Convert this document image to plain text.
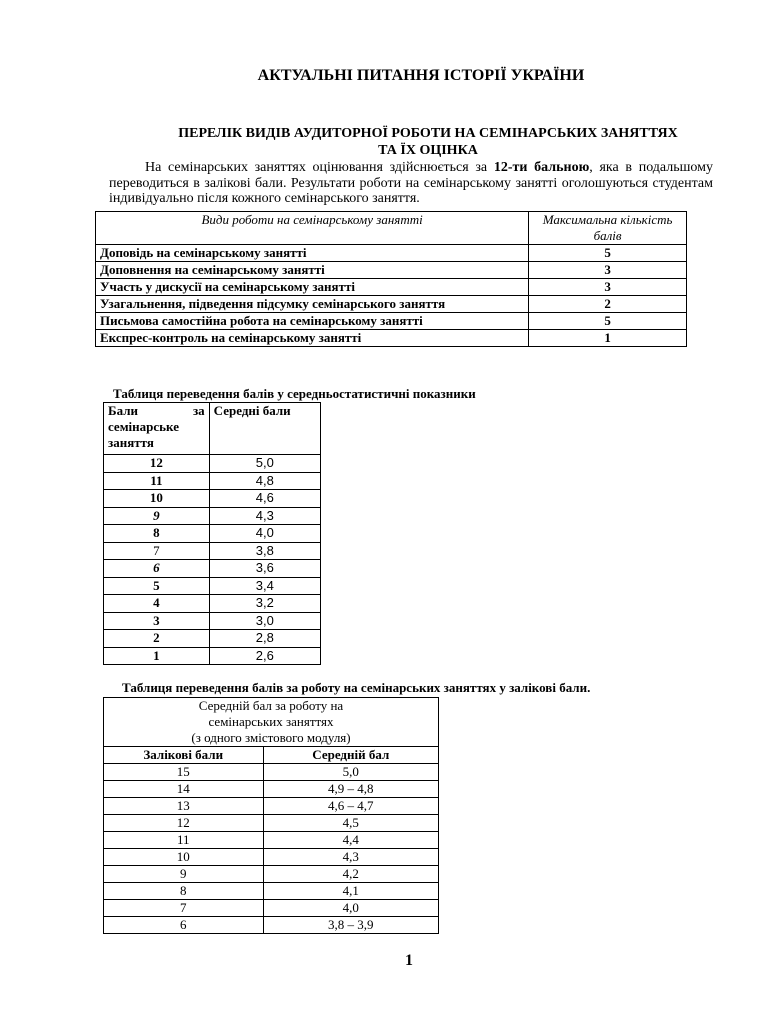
АКТУАЛЬНІ ПИТАННЯ ІСТОРІЇ УКРАЇНИ
ПЕРЕЛІК ВИДІВ АУДИТОРНОЇ РОБОТИ НА СЕМІНАРСЬКИХ ЗАНЯТТЯХ
ТА ЇХ ОЦІНКА
На семінарських заняттях оцінювання здійснюється за 12-ти бальною, яка в подальшому переводиться в залікові бали. Результати роботи на семінарському занятті оголошуються студентам індивідуально після кожного семінарського заняття.
Види роботи на семінарському занятті	Максимальна кількість балів
Доповідь на семінарському занятті	5
Доповнення на семінарському занятті	3
Участь у дискусії на семінарському занятті	3
Узагальнення, підведення підсумку семінарського заняття	2
Письмова самостійна робота на семінарському занятті	5
Експрес-контроль на семінарському занятті	1
Таблиця переведення балів у середньостатистичні показники
Бали за семінарське заняття	Середні бали
12	5,0
11	4,8
10	4,6
9	4,3
8	4,0
7	3,8
6	3,6
5	3,4
4	3,2
3	3,0
2	2,8
1	2,6
Таблиця переведення балів за роботу на семінарських заняттях у залікові бали.
Середній бал за роботу на
семінарських заняттях
(з одного змістового модуля)	

Залікові бали	Середній бал
15	5,0
14	4,9 – 4,8
13	4,6 – 4,7
12	4,5
11	4,4
10	4,3
9	4,2
8	4,1
7	4,0
6	3,8 – 3,9
1
